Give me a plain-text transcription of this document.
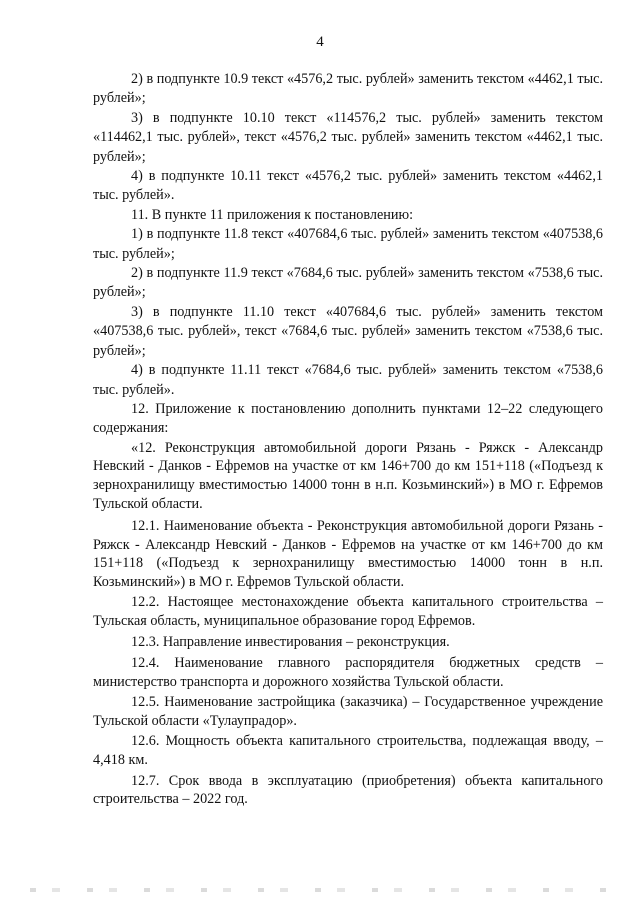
4

2) в подпункте 10.9 текст «4576,2 тыс. рублей» заменить текстом «4462,1 тыс. рублей»;

3) в подпункте 10.10 текст «114576,2 тыс. рублей» заменить текстом «114462,1 тыс. рублей», текст «4576,2 тыс. рублей» заменить текстом «4462,1 тыс. рублей»;

4) в подпункте 10.11 текст «4576,2 тыс. рублей» заменить текстом «4462,1 тыс. рублей».

11. В пункте 11 приложения к постановлению:

1) в подпункте 11.8 текст «407684,6 тыс. рублей» заменить текстом «407538,6 тыс. рублей»;

2) в подпункте 11.9 текст «7684,6 тыс. рублей» заменить текстом «7538,6 тыс. рублей»;

3) в подпункте 11.10 текст «407684,6 тыс. рублей» заменить текстом «407538,6 тыс. рублей», текст «7684,6 тыс. рублей» заменить текстом «7538,6 тыс. рублей»;

4) в подпункте 11.11 текст «7684,6 тыс. рублей» заменить текстом «7538,6 тыс. рублей».

12. Приложение к постановлению дополнить пунктами 12–22 следующего содержания:

«12. Реконструкция автомобильной дороги Рязань - Ряжск - Александр Невский - Данков - Ефремов на участке от км 146+700 до км 151+118 («Подъезд к зернохранилищу вместимостью 14000 тонн в н.п. Козьминский») в МО г. Ефремов Тульской области.

12.1. Наименование объекта - Реконструкция автомобильной дороги Рязань - Ряжск - Александр Невский - Данков - Ефремов на участке от км 146+700 до км 151+118 («Подъезд к зернохранилищу вместимостью 14000 тонн в н.п. Козьминский») в МО г. Ефремов Тульской области.

12.2. Настоящее местонахождение объекта капитального строительства – Тульская область, муниципальное образование город Ефремов.

12.3. Направление инвестирования – реконструкция.

12.4. Наименование главного распорядителя бюджетных средств – министерство транспорта и дорожного хозяйства Тульской области.

12.5. Наименование застройщика (заказчика) – Государственное учреждение Тульской области «Тулаупрадор».

12.6. Мощность объекта капитального строительства, подлежащая вводу, – 4,418 км.

12.7. Срок ввода в эксплуатацию (приобретения) объекта капитального строительства – 2022 год.
